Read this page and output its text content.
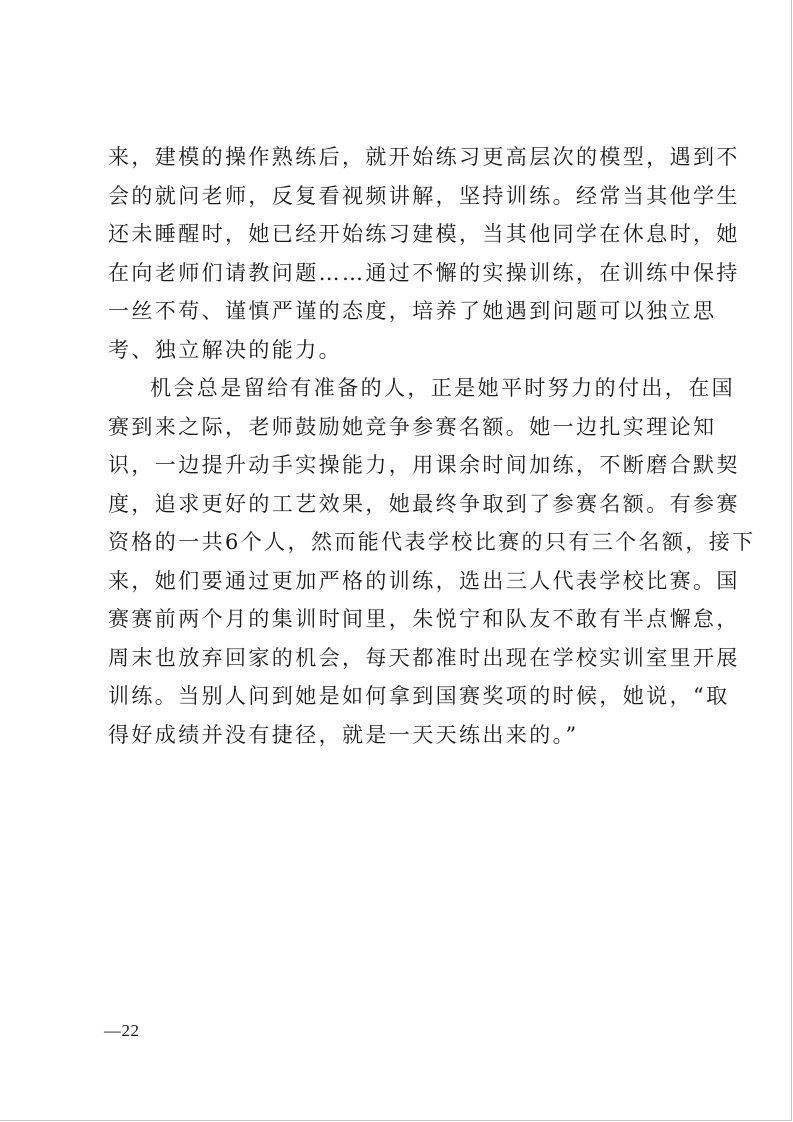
来，建模的操作熟练后，就开始练习更高层次的模型，遇到不
会的就问老师，反复看视频讲解，坚持训练。经常当其他学生
还未睡醒时，她已经开始练习建模，当其他同学在休息时，她
在向老师们请教问题……通过不懈的实操训练，在训练中保持
一丝不苟、谨慎严谨的态度，培养了她遇到问题可以独立思
考、独立解决的能力。

机会总是留给有准备的人，正是她平时努力的付出，在国
赛到来之际，老师鼓励她竞争参赛名额。她一边扎实理论知
识，一边提升动手实操能力，用课余时间加练，不断磨合默契
度，追求更好的工艺效果，她最终争取到了参赛名额。有参赛
资格的一共6个人，然而能代表学校比赛的只有三个名额，接下
来，她们要通过更加严格的训练，选出三人代表学校比赛。国
赛赛前两个月的集训时间里，朱悦宁和队友不敢有半点懈怠，
周末也放弃回家的机会，每天都准时出现在学校实训室里开展
训练。当别人问到她是如何拿到国赛奖项的时候，她说，“取
得好成绩并没有捷径，就是一天天练出来的。”

—22
